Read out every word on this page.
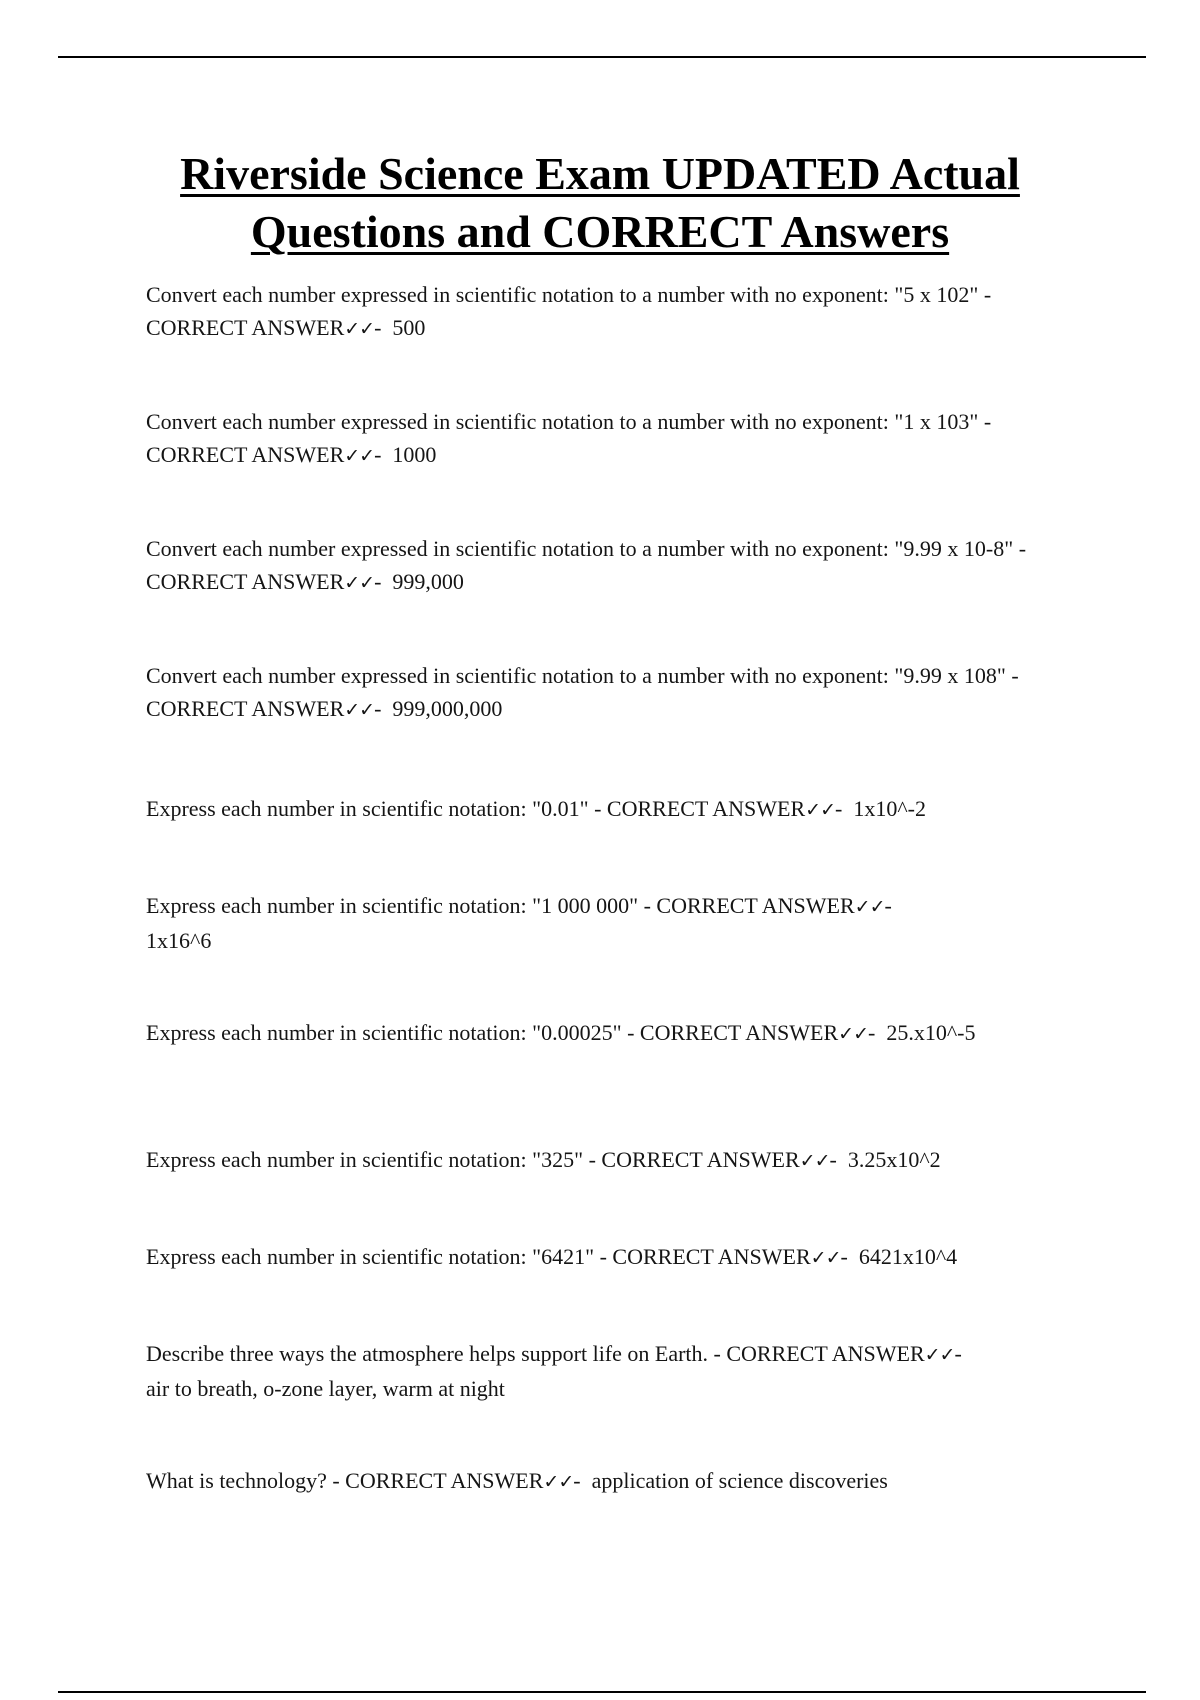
Riverside Science Exam UPDATED Actual Questions and CORRECT Answers

Convert each number expressed in scientific notation to a number with no exponent: "5 x 102" - CORRECT ANSWER✓✓-  500

Convert each number expressed in scientific notation to a number with no exponent: "1 x 103" - CORRECT ANSWER✓✓-  1000

Convert each number expressed in scientific notation to a number with no exponent: "9.99 x 10-8" - CORRECT ANSWER✓✓-  999,000

Convert each number expressed in scientific notation to a number with no exponent: "9.99 x 108" - CORRECT ANSWER✓✓-  999,000,000

Express each number in scientific notation: "0.01" - CORRECT ANSWER✓✓-  1x10^-2

Express each number in scientific notation: "1 000 000" - CORRECT ANSWER✓✓-
1x16^6

Express each number in scientific notation: "0.00025" - CORRECT ANSWER✓✓-  25.x10^-5

Express each number in scientific notation: "325" - CORRECT ANSWER✓✓-  3.25x10^2

Express each number in scientific notation: "6421" - CORRECT ANSWER✓✓-  6421x10^4

Describe three ways the atmosphere helps support life on Earth. - CORRECT ANSWER✓✓-
air to breath, o-zone layer, warm at night

What is technology? - CORRECT ANSWER✓✓-  application of science discoveries
